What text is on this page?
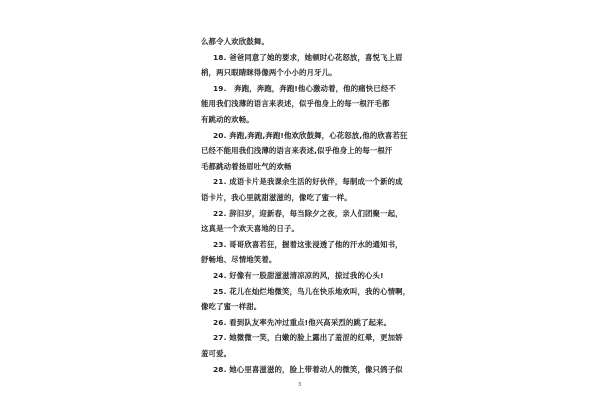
么都令人欢欣鼓舞。
18. 爸爸同意了她的要求，她顿时心花怒放，喜悦飞上眉
梢，两只眼睛眯得像两个小小的月牙儿。
19.　奔跑，奔跑，奔跑!他心激动着，他的痛快已经不
能用我们浅薄的语言来表述，似乎他身上的每一根汗毛都
有跳动的欢畅。
20. 奔跑,奔跑,奔跑!他欢欣鼓舞，心花怒放,他的欣喜若狂
已经不能用我们浅薄的语言来表述,似乎他身上的每一根汗
毛都跳动着扬眉吐气的欢畅
21. 成语卡片是我课余生活的好伙伴，每制成一个新的成
语卡片，我心里就甜滋滋的，像吃了蜜一样。
22. 辞旧岁，迎新春，每当除夕之夜，亲人们团聚一起，
这真是一个欢天喜地的日子。
23. 哥哥欣喜若狂，握着这张浸透了他的汗水的通知书，
舒畅地、尽情地笑着。
24. 好像有一股甜滋滋清凉凉的风，掠过我的心头!
25. 花儿在灿烂地微笑，鸟儿在快乐地欢叫，我的心情啊，
像吃了蜜一样甜。
26. 看到队友率先冲过重点!他兴高采烈的跳了起来。
27. 她微微一笑，白嫩的脸上露出了羞涩的红晕，更加娇
羞可爱。
28. 她心里喜滋滋的，脸上带着动人的微笑，像只鸽子似
3
